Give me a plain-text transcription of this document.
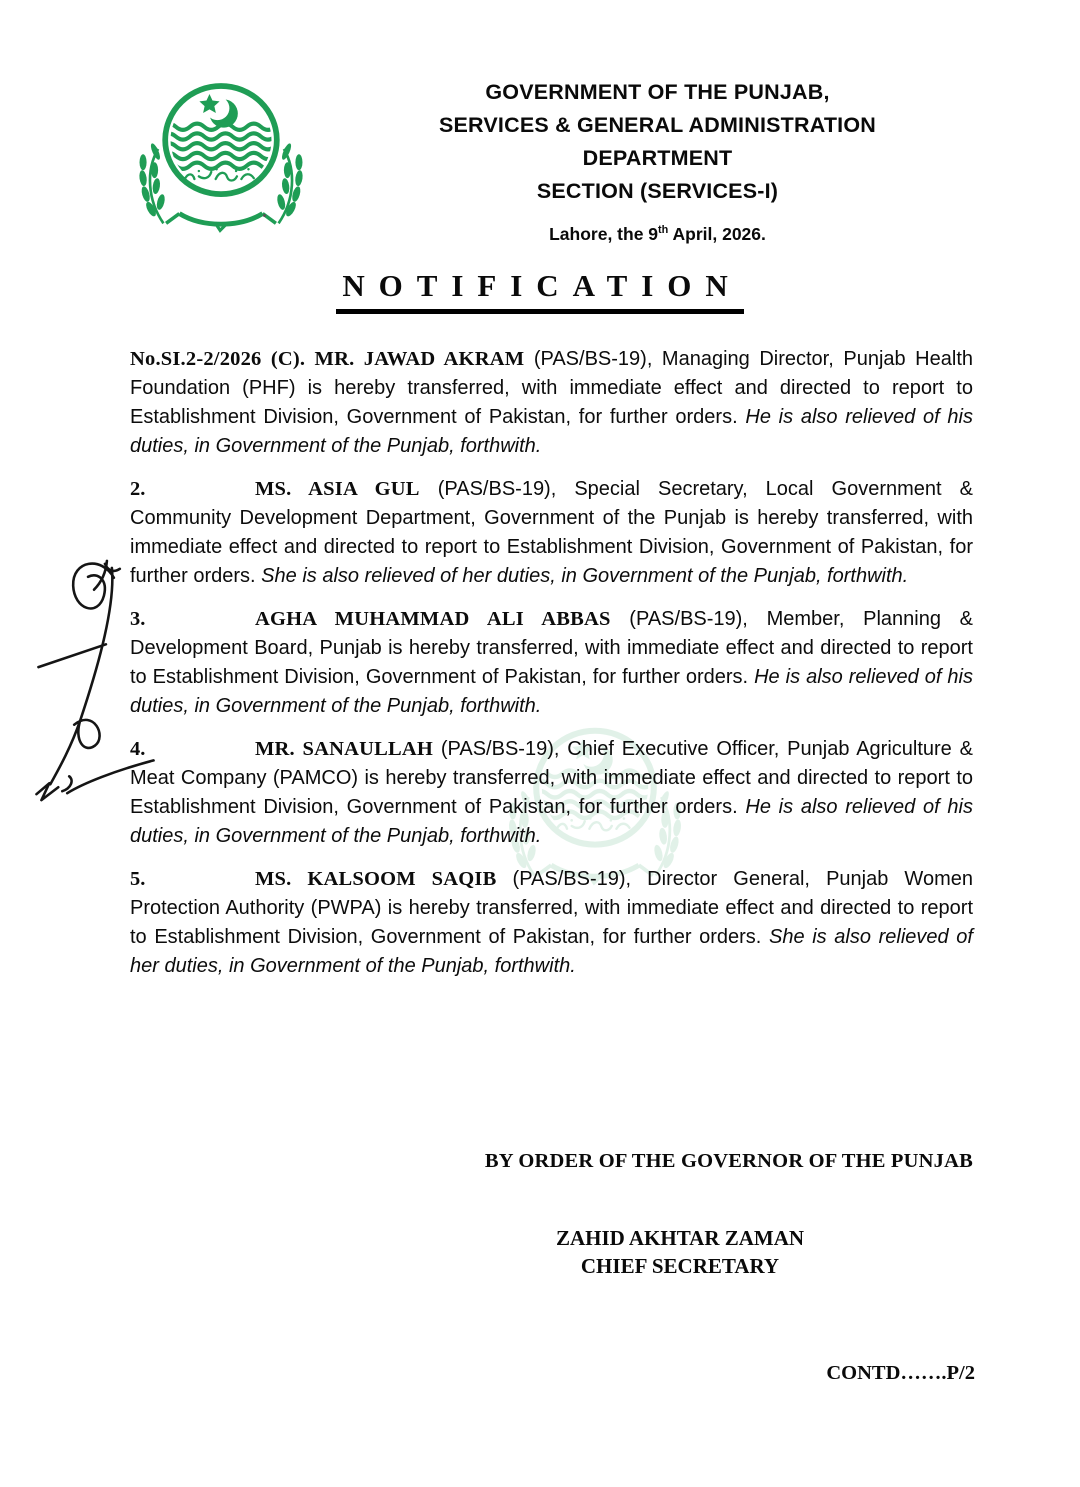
GOVERNMENT OF THE PUNJAB,
SERVICES & GENERAL ADMINISTRATION
DEPARTMENT
SECTION (SERVICES-I)
Lahore, the 9th April, 2026.
NOTIFICATION

No.SI.2-2/2026 (C). MR. JAWAD AKRAM (PAS/BS-19), Managing Director, Punjab Health Foundation (PHF) is hereby transferred, with immediate effect and directed to report to Establishment Division, Government of Pakistan, for further orders. He is also relieved of his duties, in Government of the Punjab, forthwith.

2.	MS. ASIA GUL (PAS/BS-19), Special Secretary, Local Government & Community Development Department, Government of the Punjab is hereby transferred, with immediate effect and directed to report to Establishment Division, Government of Pakistan, for further orders. She is also relieved of her duties, in Government of the Punjab, forthwith.

3.	AGHA MUHAMMAD ALI ABBAS (PAS/BS-19), Member, Planning & Development Board, Punjab is hereby transferred, with immediate effect and directed to report to Establishment Division, Government of Pakistan, for further orders. He is also relieved of his duties, in Government of the Punjab, forthwith.

4.	MR. SANAULLAH (PAS/BS-19), Chief Executive Officer, Punjab Agriculture & Meat Company (PAMCO) is hereby transferred, with immediate effect and directed to report to Establishment Division, Government of Pakistan, for further orders. He is also relieved of his duties, in Government of the Punjab, forthwith.

5.	MS. KALSOOM SAQIB (PAS/BS-19), Director General, Punjab Women Protection Authority (PWPA) is hereby transferred, with immediate effect and directed to report to Establishment Division, Government of Pakistan, for further orders. She is also relieved of her duties, in Government of the Punjab, forthwith.

BY ORDER OF THE GOVERNOR OF THE PUNJAB
ZAHID AKHTAR ZAMAN
CHIEF SECRETARY
CONTD…….P/2
